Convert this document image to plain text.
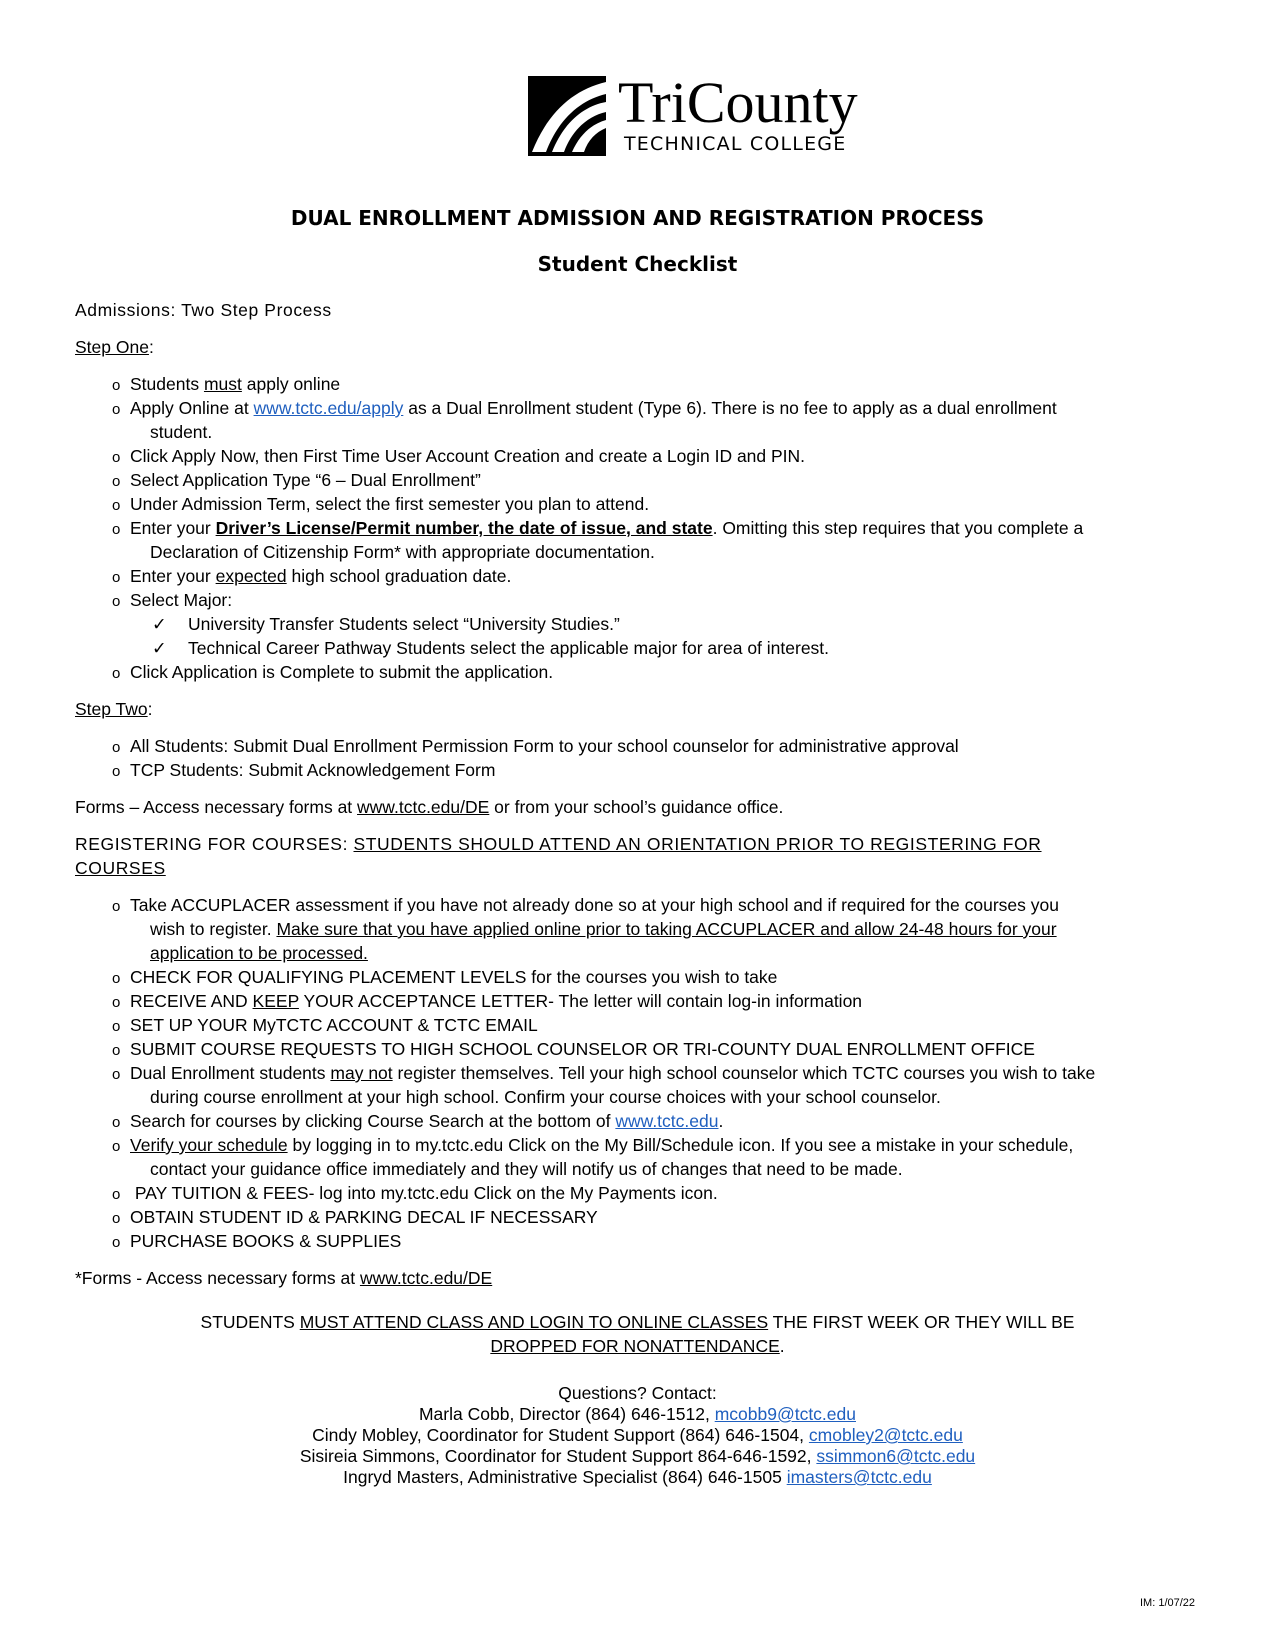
TriCounty
TECHNICAL COLLEGE
DUAL ENROLLMENT ADMISSION AND REGISTRATION PROCESS
Student Checklist
Admissions: Two Step Process
Step One:
o Students must apply online
o Apply Online at www.tctc.edu/apply as a Dual Enrollment student (Type 6). There is no fee to apply as a dual enrollment
student.
o Click Apply Now, then First Time User Account Creation and create a Login ID and PIN.
o Select Application Type “6 – Dual Enrollment”
o Under Admission Term, select the first semester you plan to attend.
o Enter your Driver’s License/Permit number, the date of issue, and state. Omitting this step requires that you complete a
Declaration of Citizenship Form* with appropriate documentation.
o Enter your expected high school graduation date.
o Select Major:
✓ University Transfer Students select “University Studies.”
✓ Technical Career Pathway Students select the applicable major for area of interest.
o Click Application is Complete to submit the application.
Step Two:
o All Students: Submit Dual Enrollment Permission Form to your school counselor for administrative approval
o TCP Students: Submit Acknowledgement Form
Forms – Access necessary forms at www.tctc.edu/DE or from your school’s guidance office.
REGISTERING FOR COURSES: STUDENTS SHOULD ATTEND AN ORIENTATION PRIOR TO REGISTERING FOR
COURSES
o Take ACCUPLACER assessment if you have not already done so at your high school and if required for the courses you
wish to register. Make sure that you have applied online prior to taking ACCUPLACER and allow 24-48 hours for your
application to be processed.
o CHECK FOR QUALIFYING PLACEMENT LEVELS for the courses you wish to take
o RECEIVE AND KEEP YOUR ACCEPTANCE LETTER- The letter will contain log-in information
o SET UP YOUR MyTCTC ACCOUNT & TCTC EMAIL
o SUBMIT COURSE REQUESTS TO HIGH SCHOOL COUNSELOR OR TRI-COUNTY DUAL ENROLLMENT OFFICE
o Dual Enrollment students may not register themselves. Tell your high school counselor which TCTC courses you wish to take
during course enrollment at your high school. Confirm your course choices with your school counselor.
o Search for courses by clicking Course Search at the bottom of www.tctc.edu.
o Verify your schedule by logging in to my.tctc.edu Click on the My Bill/Schedule icon. If you see a mistake in your schedule,
contact your guidance office immediately and they will notify us of changes that need to be made.
o PAY TUITION & FEES- log into my.tctc.edu Click on the My Payments icon.
o OBTAIN STUDENT ID & PARKING DECAL IF NECESSARY
o PURCHASE BOOKS & SUPPLIES
*Forms - Access necessary forms at www.tctc.edu/DE
STUDENTS MUST ATTEND CLASS AND LOGIN TO ONLINE CLASSES THE FIRST WEEK OR THEY WILL BE
DROPPED FOR NONATTENDANCE.
Questions? Contact:
Marla Cobb, Director (864) 646-1512, mcobb9@tctc.edu
Cindy Mobley, Coordinator for Student Support (864) 646-1504, cmobley2@tctc.edu
Sisireia Simmons, Coordinator for Student Support 864-646-1592, ssimmon6@tctc.edu
Ingryd Masters, Administrative Specialist (864) 646-1505 imasters@tctc.edu
IM: 1/07/22
